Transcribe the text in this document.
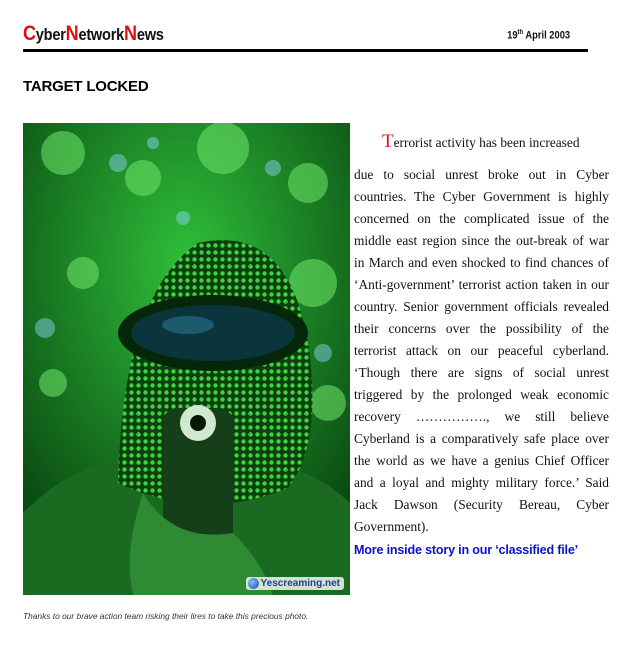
CyberNetworkNews	19th April 2003
TARGET LOCKED
Yescreaming.net
Thanks to our brave action team risking their lires to take this precious photo.

Terrorist activity has been increased

due to social unrest broke out in Cyber countries. The Cyber Government is highly concerned on the complicated issue of the middle east region since the out-break of war in March and even shocked to find chances of ‘Anti-government’ terrorist action taken in our country. Senior government officials revealed their concerns over the possibility of the terrorist attack on our peaceful cyberland. ‘Though there are signs of social unrest triggered by the prolonged weak economic recovery ……………., we still believe Cyberland is a comparatively safe place over the world as we have a genius Chief Officer and a loyal and mighty military force.’ Said Jack Dawson (Security Bereau, Cyber Government).

More inside story in our ‘classified file’
